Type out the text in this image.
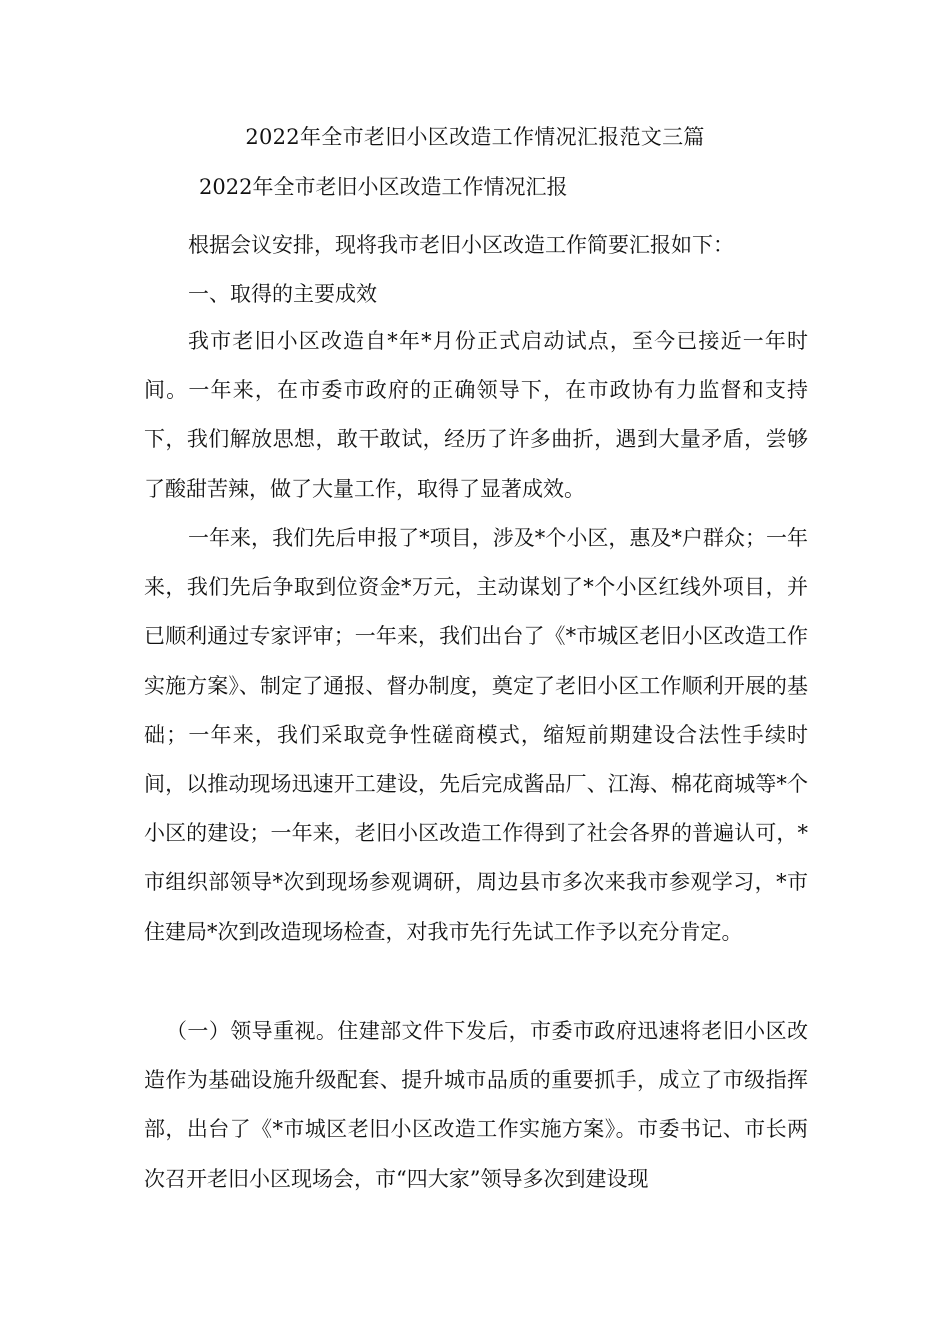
2022年全市老旧小区改造工作情况汇报范文三篇
2022年全市老旧小区改造工作情况汇报

根据会议安排，现将我市老旧小区改造工作简要汇报如下：

一、取得的主要成效

我市老旧小区改造自*年*月份正式启动试点，至今已接近一年时间。一年来，在市委市政府的正确领导下，在市政协有力监督和支持下，我们解放思想，敢干敢试，经历了许多曲折，遇到大量矛盾，尝够了酸甜苦辣，做了大量工作，取得了显著成效。

一年来，我们先后申报了*项目，涉及*个小区，惠及*户群众；一年来，我们先后争取到位资金*万元，主动谋划了*个小区红线外项目，并已顺利通过专家评审；一年来，我们出台了《*市城区老旧小区改造工作实施方案》、制定了通报、督办制度，奠定了老旧小区工作顺利开展的基础；一年来，我们采取竞争性磋商模式，缩短前期建设合法性手续时间，以推动现场迅速开工建设，先后完成酱品厂、江海、棉花商城等*个小区的建设；一年来，老旧小区改造工作得到了社会各界的普遍认可，*市组织部领导*次到现场参观调研，周边县市多次来我市参观学习，*市住建局*次到改造现场检查，对我市先行先试工作予以充分肯定。

（一）领导重视。住建部文件下发后，市委市政府迅速将老旧小区改造作为基础设施升级配套、提升城市品质的重要抓手，成立了市级指挥部，出台了《*市城区老旧小区改造工作实施方案》。市委书记、市长两次召开老旧小区现场会，市“四大家”领导多次到建设现
